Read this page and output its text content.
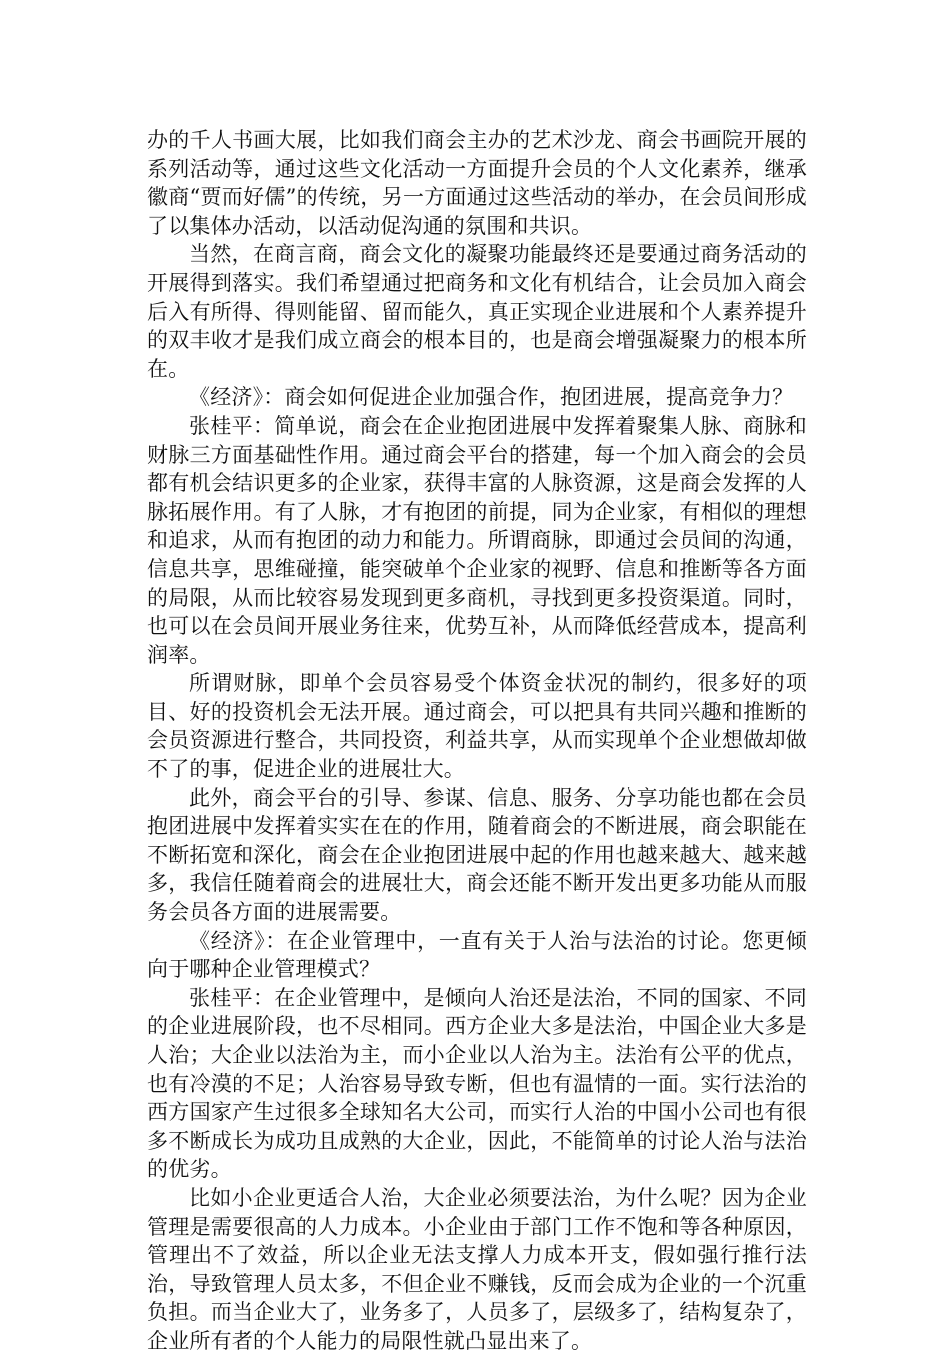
办的千人书画大展，比如我们商会主办的艺术沙龙、商会书画院开展的系列活动等，通过这些文化活动一方面提升会员的个人文化素养，继承徽商“贾而好儒”的传统，另一方面通过这些活动的举办，在会员间形成了以集体办活动，以活动促沟通的氛围和共识。

当然，在商言商，商会文化的凝聚功能最终还是要通过商务活动的开展得到落实。我们希望通过把商务和文化有机结合，让会员加入商会后入有所得、得则能留、留而能久，真正实现企业进展和个人素养提升的双丰收才是我们成立商会的根本目的，也是商会增强凝聚力的根本所在。

《经济》：商会如何促进企业加强合作，抱团进展，提高竞争力？

张桂平：简单说，商会在企业抱团进展中发挥着聚集人脉、商脉和财脉三方面基础性作用。通过商会平台的搭建，每一个加入商会的会员都有机会结识更多的企业家，获得丰富的人脉资源，这是商会发挥的人脉拓展作用。有了人脉，才有抱团的前提，同为企业家，有相似的理想和追求，从而有抱团的动力和能力。所谓商脉，即通过会员间的沟通，信息共享，思维碰撞，能突破单个企业家的视野、信息和推断等各方面的局限，从而比较容易发现到更多商机，寻找到更多投资渠道。同时，也可以在会员间开展业务往来，优势互补，从而降低经营成本，提高利润率。

所谓财脉，即单个会员容易受个体资金状况的制约，很多好的项目、好的投资机会无法开展。通过商会，可以把具有共同兴趣和推断的会员资源进行整合，共同投资，利益共享，从而实现单个企业想做却做不了的事，促进企业的进展壮大。

此外，商会平台的引导、参谋、信息、服务、分享功能也都在会员抱团进展中发挥着实实在在的作用，随着商会的不断进展，商会职能在不断拓宽和深化，商会在企业抱团进展中起的作用也越来越大、越来越多，我信任随着商会的进展壮大，商会还能不断开发出更多功能从而服务会员各方面的进展需要。

《经济》：在企业管理中，一直有关于人治与法治的讨论。您更倾向于哪种企业管理模式？

张桂平：在企业管理中，是倾向人治还是法治，不同的国家、不同的企业进展阶段，也不尽相同。西方企业大多是法治，中国企业大多是人治；大企业以法治为主，而小企业以人治为主。法治有公平的优点，也有冷漠的不足；人治容易导致专断，但也有温情的一面。实行法治的西方国家产生过很多全球知名大公司，而实行人治的中国小公司也有很多不断成长为成功且成熟的大企业，因此，不能简单的讨论人治与法治的优劣。

比如小企业更适合人治，大企业必须要法治，为什么呢？因为企业管理是需要很高的人力成本。小企业由于部门工作不饱和等各种原因，管理出不了效益，所以企业无法支撑人力成本开支，假如强行推行法治，导致管理人员太多，不但企业不赚钱，反而会成为企业的一个沉重负担。而当企业大了，业务多了，人员多了，层级多了，结构复杂了，企业所有者的个人能力的局限性就凸显出来了。
